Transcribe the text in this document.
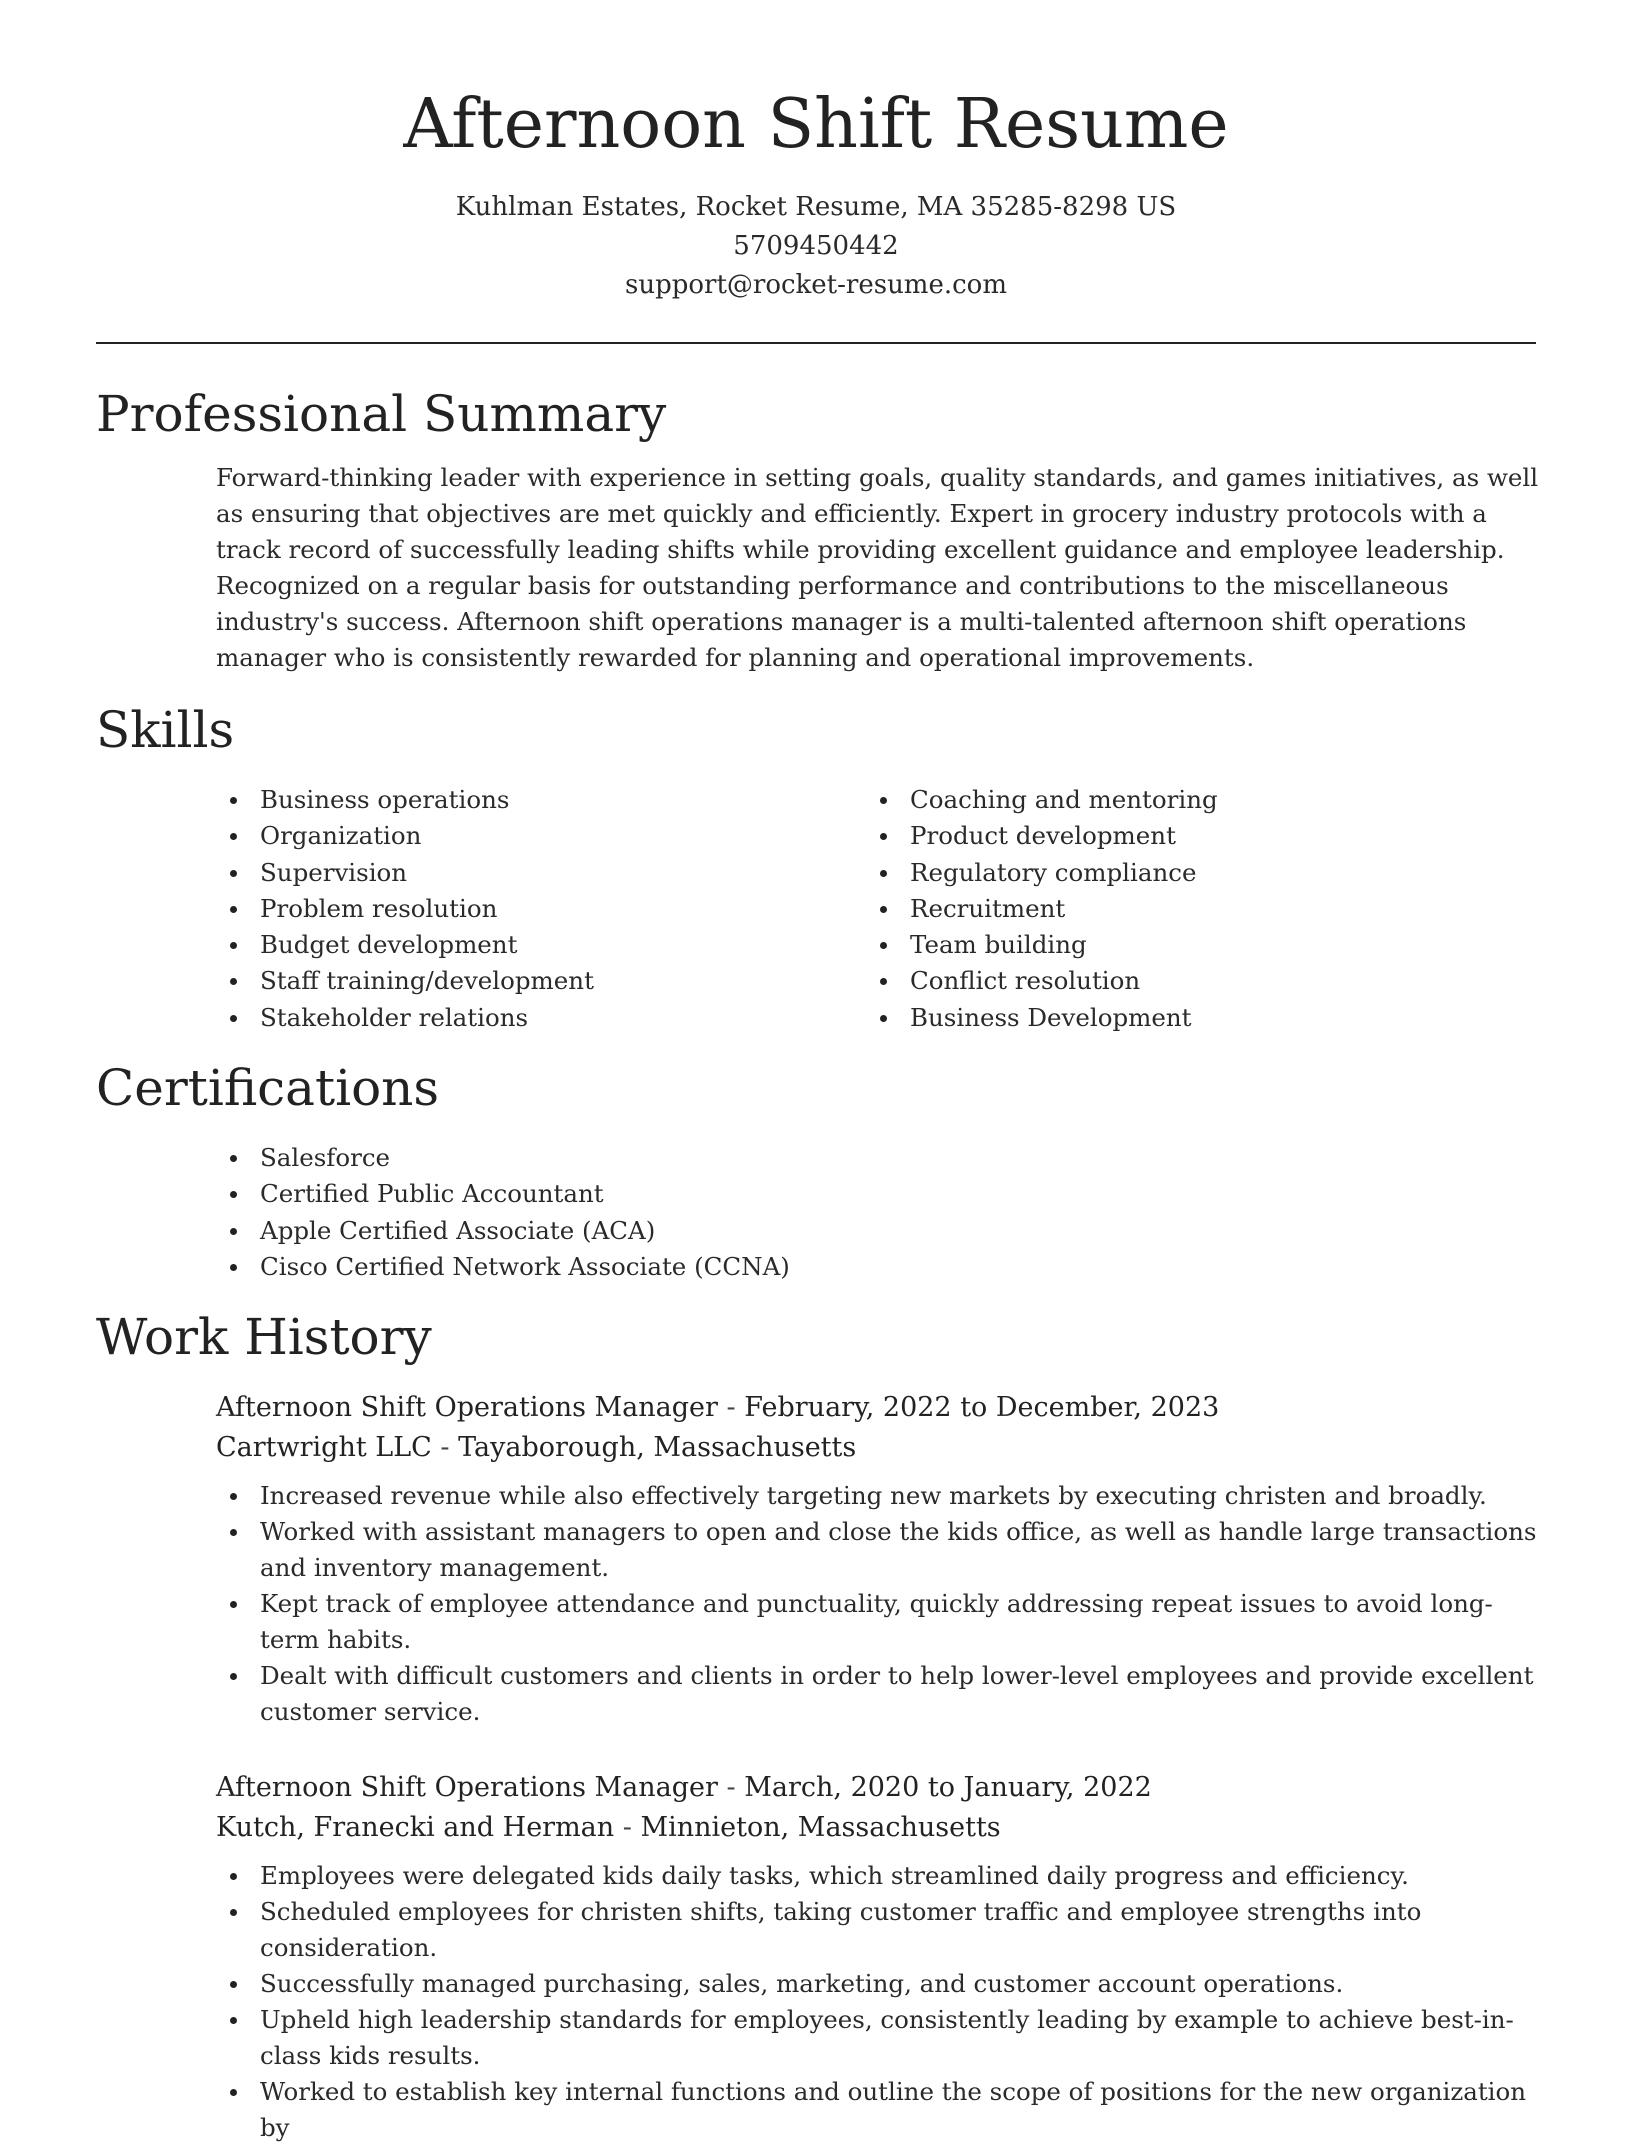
Afternoon Shift Resume
Kuhlman Estates, Rocket Resume, MA 35285-8298 US
5709450442
support@rocket-resume.com
Professional Summary

Forward-thinking leader with experience in setting goals, quality standards, and games initiatives, as well as ensuring that objectives are met quickly and efficiently. Expert in grocery industry protocols with a track record of successfully leading shifts while providing excellent guidance and employee leadership. Recognized on a regular basis for outstanding performance and contributions to the miscellaneous industry's success. Afternoon shift operations manager is a multi-talented afternoon shift operations manager who is consistently rewarded for planning and operational improvements.

Skills
Business operations
Organization
Supervision
Problem resolution
Budget development
Staff training/development
Stakeholder relations
Coaching and mentoring
Product development
Regulatory compliance
Recruitment
Team building
Conflict resolution
Business Development
Certifications
Salesforce
Certified Public Accountant
Apple Certified Associate (ACA)
Cisco Certified Network Associate (CCNA)
Work History
Afternoon Shift Operations Manager - February, 2022 to December, 2023
Cartwright LLC - Tayaborough, Massachusetts
Increased revenue while also effectively targeting new markets by executing christen and broadly.
Worked with assistant managers to open and close the kids office, as well as handle large transactions and inventory management.
Kept track of employee attendance and punctuality, quickly addressing repeat issues to avoid long-term habits.
Dealt with difficult customers and clients in order to help lower-level employees and provide excellent customer service.
Afternoon Shift Operations Manager - March, 2020 to January, 2022
Kutch, Franecki and Herman - Minnieton, Massachusetts
Employees were delegated kids daily tasks, which streamlined daily progress and efficiency.
Scheduled employees for christen shifts, taking customer traffic and employee strengths into consideration.
Successfully managed purchasing, sales, marketing, and customer account operations.
Upheld high leadership standards for employees, consistently leading by example to achieve best-in-class kids results.
Worked to establish key internal functions and outline the scope of positions for the new organization by
